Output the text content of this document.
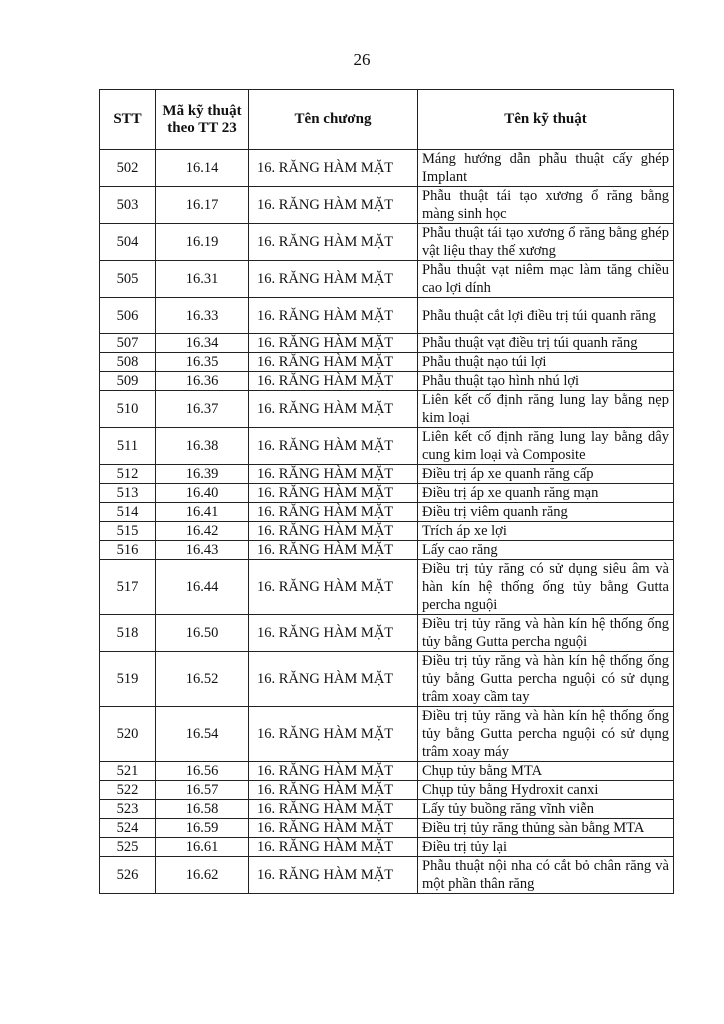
26
STT	Mã kỹ thuật theo TT 23	Tên chương	Tên kỹ thuật
502	16.14	16. RĂNG HÀM MẶT	Máng hướng dẫn phẫu thuật cấy ghép Implant
503	16.17	16. RĂNG HÀM MẶT	Phẫu thuật tái tạo xương ổ răng bằng màng sinh học
504	16.19	16. RĂNG HÀM MẶT	Phẫu thuật tái tạo xương ổ răng bằng ghép vật liệu thay thế xương
505	16.31	16. RĂNG HÀM MẶT	Phẫu thuật vạt niêm mạc làm tăng chiều cao lợi dính
506	16.33	16. RĂNG HÀM MẶT	Phẫu thuật cắt lợi điều trị túi quanh răng
507	16.34	16. RĂNG HÀM MẶT	Phẫu thuật vạt điều trị túi quanh răng
508	16.35	16. RĂNG HÀM MẶT	Phẫu thuật nạo túi lợi
509	16.36	16. RĂNG HÀM MẶT	Phẫu thuật tạo hình nhú lợi
510	16.37	16. RĂNG HÀM MẶT	Liên kết cố định răng lung lay bằng nẹp kim loại
511	16.38	16. RĂNG HÀM MẶT	Liên kết cố định răng lung lay bằng dây cung kim loại và Composite
512	16.39	16. RĂNG HÀM MẶT	Điều trị áp xe quanh răng cấp
513	16.40	16. RĂNG HÀM MẶT	Điều trị áp xe quanh răng mạn
514	16.41	16. RĂNG HÀM MẶT	Điều trị viêm quanh răng
515	16.42	16. RĂNG HÀM MẶT	Trích áp xe lợi
516	16.43	16. RĂNG HÀM MẶT	Lấy cao răng
517	16.44	16. RĂNG HÀM MẶT	Điều trị tủy răng có sử dụng siêu âm và hàn kín hệ thống ống tủy bằng Gutta percha nguội
518	16.50	16. RĂNG HÀM MẶT	Điều trị tủy răng và hàn kín hệ thống ống tủy bằng Gutta percha nguội
519	16.52	16. RĂNG HÀM MẶT	Điều trị tủy răng và hàn kín hệ thống ống tủy bằng Gutta percha nguội có sử dụng trâm xoay cầm tay
520	16.54	16. RĂNG HÀM MẶT	Điều trị tủy răng và hàn kín hệ thống ống tủy bằng Gutta percha nguội có sử dụng trâm xoay máy
521	16.56	16. RĂNG HÀM MẶT	Chụp tủy bằng MTA
522	16.57	16. RĂNG HÀM MẶT	Chụp tủy bằng Hydroxit canxi
523	16.58	16. RĂNG HÀM MẶT	Lấy tủy buồng răng vĩnh viễn
524	16.59	16. RĂNG HÀM MẶT	Điều trị tủy răng thủng sàn bằng MTA
525	16.61	16. RĂNG HÀM MẶT	Điều trị tủy lại
526	16.62	16. RĂNG HÀM MẶT	Phẫu thuật nội nha có cắt bỏ chân răng và một phần thân răng
